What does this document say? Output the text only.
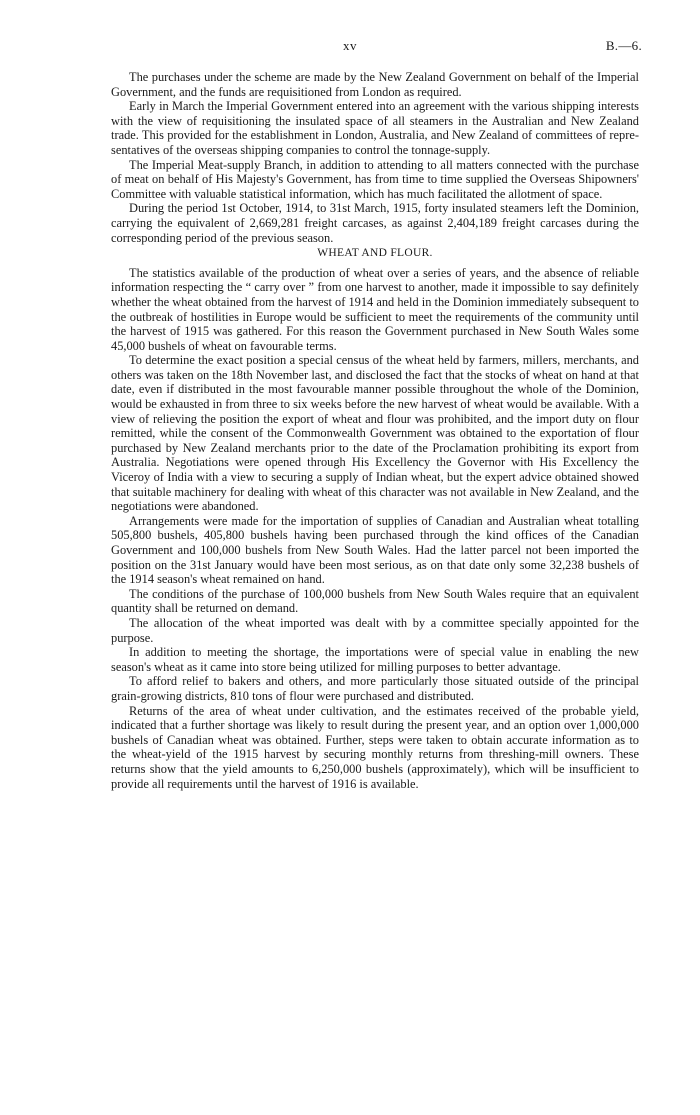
xv	B.—6.

The purchases under the scheme are made by the New Zealand Government on behalf of the Imperial Government, and the funds are requisitioned from London as required.

Early in March the Imperial Government entered into an agreement with the various shipping interests with the view of requisitioning the insulated space of all steamers in the Australian and New Zealand trade. This provided for the establishment in London, Australia, and New Zealand of committees of representatives of the overseas shipping companies to control the tonnage-supply.

The Imperial Meat-supply Branch, in addition to attending to all matters connected with the purchase of meat on behalf of His Majesty's Government, has from time to time supplied the Overseas Shipowners' Committee with valuable statistical information, which has much facilitated the allotment of space.

During the period 1st October, 1914, to 31st March, 1915, forty insulated steamers left the Dominion, carrying the equivalent of 2,669,281 freight carcases, as against 2,404,189 freight carcases during the corresponding period of the previous season.

WHEAT AND FLOUR.

The statistics available of the production of wheat over a series of years, and the absence of reliable information respecting the “ carry over ” from one harvest to another, made it impossible to say definitely whether the wheat obtained from the harvest of 1914 and held in the Dominion immediately subsequent to the outbreak of hostilities in Europe would be sufficient to meet the requirements of the community until the harvest of 1915 was gathered. For this reason the Government purchased in New South Wales some 45,000 bushels of wheat on favourable terms.

To determine the exact position a special census of the wheat held by farmers, millers, merchants, and others was taken on the 18th November last, and disclosed the fact that the stocks of wheat on hand at that date, even if distributed in the most favourable manner possible throughout the whole of the Dominion, would be exhausted in from three to six weeks before the new harvest of wheat would be available. With a view of relieving the position the export of wheat and flour was prohibited, and the import duty on flour remitted, while the consent of the Commonwealth Government was obtained to the exportation of flour purchased by New Zealand merchants prior to the date of the Proclamation prohibiting its export from Australia. Negotiations were opened through His Excellency the Governor with His Excellency the Viceroy of India with a view to securing a supply of Indian wheat, but the expert advice obtained showed that suitable machinery for dealing with wheat of this character was not available in New Zealand, and the negotiations were abandoned.

Arrangements were made for the importation of supplies of Canadian and Australian wheat totalling 505,800 bushels, 405,800 bushels having been purchased through the kind offices of the Canadian Government and 100,000 bushels from New South Wales. Had the latter parcel not been imported the position on the 31st January would have been most serious, as on that date only some 32,238 bushels of the 1914 season's wheat remained on hand.

The conditions of the purchase of 100,000 bushels from New South Wales require that an equivalent quantity shall be returned on demand.

The allocation of the wheat imported was dealt with by a committee specially appointed for the purpose.

In addition to meeting the shortage, the importations were of special value in enabling the new season's wheat as it came into store being utilized for milling purposes to better advantage.

To afford relief to bakers and others, and more particularly those situated outside of the principal grain-growing districts, 810 tons of flour were purchased and distributed.

Returns of the area of wheat under cultivation, and the estimates received of the probable yield, indicated that a further shortage was likely to result during the present year, and an option over 1,000,000 bushels of Canadian wheat was obtained. Further, steps were taken to obtain accurate information as to the wheat-yield of the 1915 harvest by securing monthly returns from threshing-mill owners. These returns show that the yield amounts to 6,250,000 bushels (approximately), which will be insufficient to provide all requirements until the harvest of 1916 is available.
